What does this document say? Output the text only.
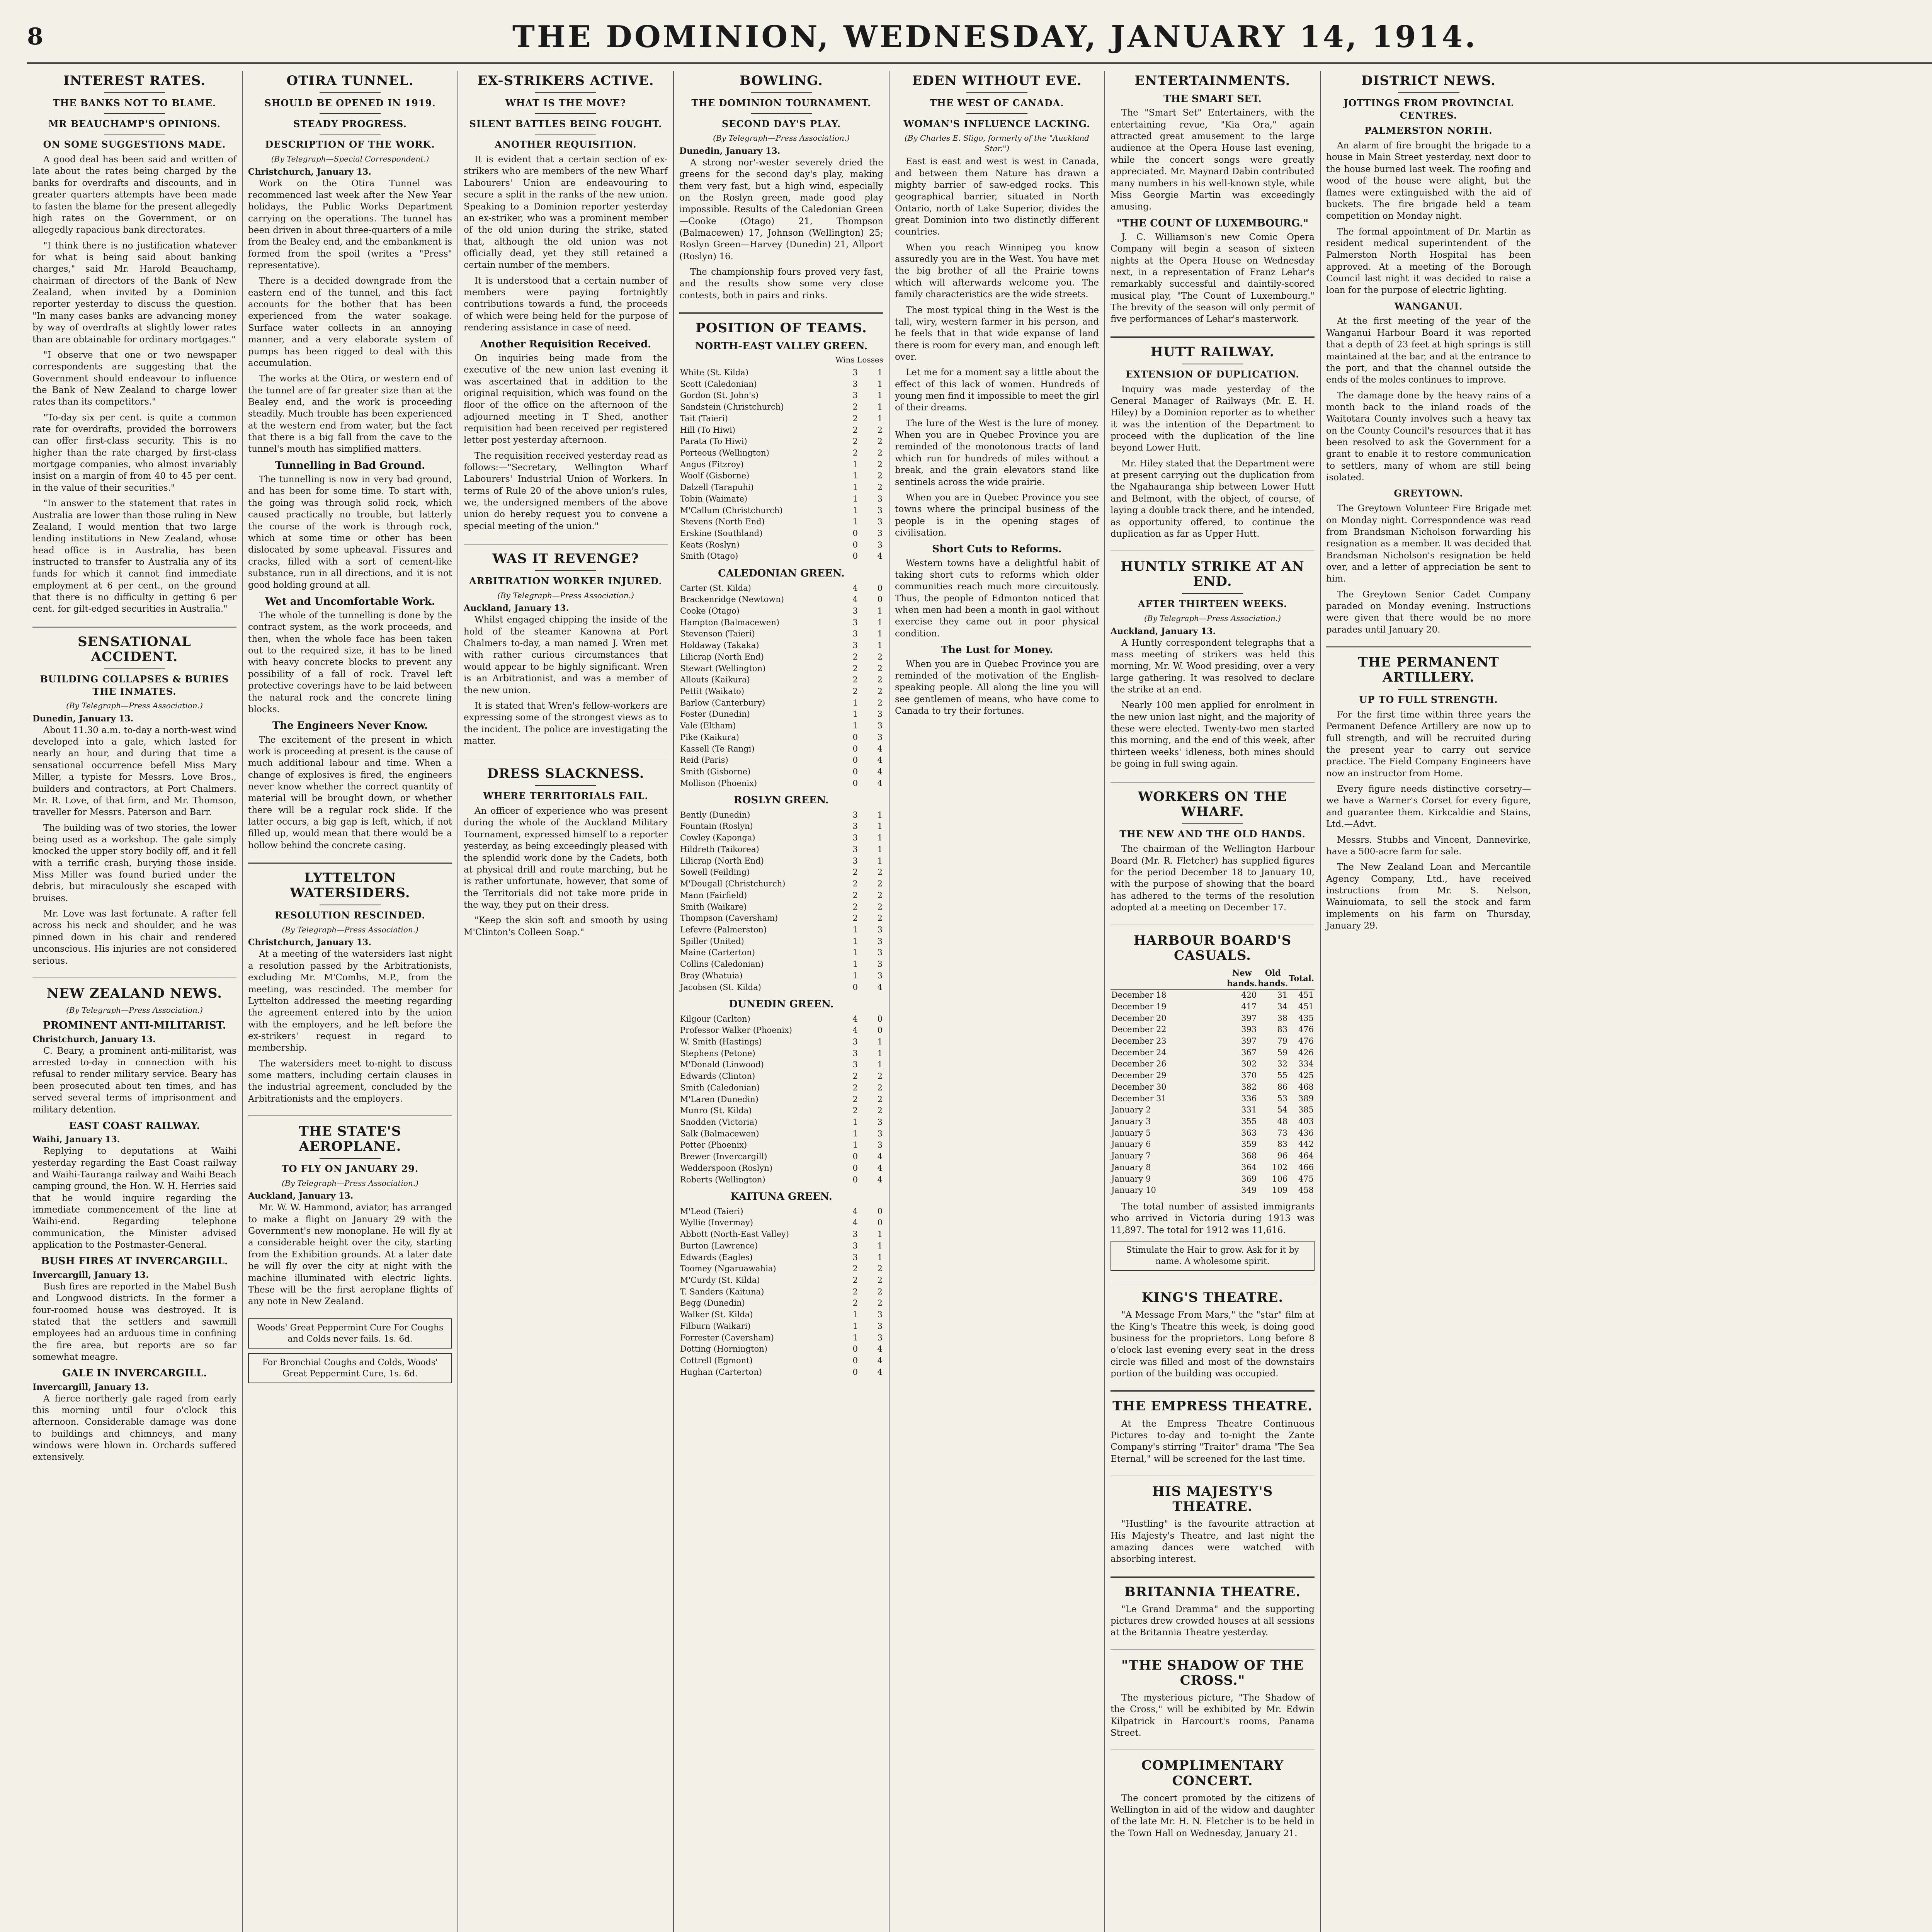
8	THE DOMINION, WEDNESDAY, JANUARY 14, 1914.
INTEREST RATES.
THE BANKS NOT TO BLAME.
MR BEAUCHAMP'S OPINIONS.
ON SOME SUGGESTIONS MADE.

A good deal has been said and written of late about the rates being charged by the banks for overdrafts and discounts, and in greater quarters attempts have been made to fasten the blame for the present allegedly high rates on the Government, or on allegedly rapacious bank directorates.

"I think there is no justification whatever for what is being said about banking charges," said Mr. Harold Beauchamp, chairman of directors of the Bank of New Zealand, when invited by a Dominion reporter yesterday to discuss the question. "In many cases banks are advancing money by way of overdrafts at slightly lower rates than are obtainable for ordinary mortgages."

"I observe that one or two newspaper correspondents are suggesting that the Government should endeavour to influence the Bank of New Zealand to charge lower rates than its competitors."

"To-day six per cent. is quite a common rate for overdrafts, provided the borrowers can offer first-class security. This is no higher than the rate charged by first-class mortgage companies, who almost invariably insist on a margin of from 40 to 45 per cent. in the value of their securities."

"In answer to the statement that rates in Australia are lower than those ruling in New Zealand, I would mention that two large lending institutions in New Zealand, whose head office is in Australia, has been instructed to transfer to Australia any of its funds for which it cannot find immediate employment at 6 per cent., on the ground that there is no difficulty in getting 6 per cent. for gilt-edged securities in Australia."

SENSATIONAL ACCIDENT.
BUILDING COLLAPSES & BURIES THE INMATES.
(By Telegraph—Press Association.)
Dunedin, January 13.

About 11.30 a.m. to-day a north-west wind developed into a gale, which lasted for nearly an hour, and during that time a sensational occurrence befell Miss Mary Miller, a typiste for Messrs. Love Bros., builders and contractors, at Port Chalmers. Mr. R. Love, of that firm, and Mr. Thomson, traveller for Messrs. Paterson and Barr.

The building was of two stories, the lower being used as a workshop. The gale simply knocked the upper story bodily off, and it fell with a terrific crash, burying those inside. Miss Miller was found buried under the debris, but miraculously she escaped with bruises.

Mr. Love was last fortunate. A rafter fell across his neck and shoulder, and he was pinned down in his chair and rendered unconscious. His injuries are not considered serious.

NEW ZEALAND NEWS.
(By Telegraph—Press Association.)
PROMINENT ANTI-MILITARIST.
Christchurch, January 13.

C. Beary, a prominent anti-militarist, was arrested to-day in connection with his refusal to render military service. Beary has been prosecuted about ten times, and has served several terms of imprisonment and military detention.

EAST COAST RAILWAY.
Waihi, January 13.

Replying to deputations at Waihi yesterday regarding the East Coast railway and Waihi-Tauranga railway and Waihi Beach camping ground, the Hon. W. H. Herries said that he would inquire regarding the immediate commencement of the line at Waihi-end. Regarding telephone communication, the Minister advised application to the Postmaster-General.

BUSH FIRES AT INVERCARGILL.
Invercargill, January 13.

Bush fires are reported in the Mabel Bush and Longwood districts. In the former a four-roomed house was destroyed. It is stated that the settlers and sawmill employees had an arduous time in confining the fire area, but reports are so far somewhat meagre.

GALE IN INVERCARGILL.
Invercargill, January 13.

A fierce northerly gale raged from early this morning until four o'clock this afternoon. Considerable damage was done to buildings and chimneys, and many windows were blown in. Orchards suffered extensively.

OTIRA TUNNEL.
SHOULD BE OPENED IN 1919.
STEADY PROGRESS.
DESCRIPTION OF THE WORK.
(By Telegraph—Special Correspondent.)
Christchurch, January 13.

Work on the Otira Tunnel was recommenced last week after the New Year holidays, the Public Works Department carrying on the operations. The tunnel has been driven in about three-quarters of a mile from the Bealey end, and the embankment is formed from the spoil (writes a "Press" representative).

There is a decided downgrade from the eastern end of the tunnel, and this fact accounts for the bother that has been experienced from the water soakage. Surface water collects in an annoying manner, and a very elaborate system of pumps has been rigged to deal with this accumulation.

The works at the Otira, or western end of the tunnel are of far greater size than at the Bealey end, and the work is proceeding steadily. Much trouble has been experienced at the western end from water, but the fact that there is a big fall from the cave to the tunnel's mouth has simplified matters.

Tunnelling in Bad Ground.

The tunnelling is now in very bad ground, and has been for some time. To start with, the going was through solid rock, which caused practically no trouble, but latterly the course of the work is through rock, which at some time or other has been dislocated by some upheaval. Fissures and cracks, filled with a sort of cement-like substance, run in all directions, and it is not good holding ground at all.

Wet and Uncomfortable Work.

The whole of the tunnelling is done by the contract system, as the work proceeds, and then, when the whole face has been taken out to the required size, it has to be lined with heavy concrete blocks to prevent any possibility of a fall of rock. Travel left protective coverings have to be laid between the natural rock and the concrete lining blocks.

The Engineers Never Know.

The excitement of the present in which work is proceeding at present is the cause of much additional labour and time. When a change of explosives is fired, the engineers never know whether the correct quantity of material will be brought down, or whether there will be a regular rock slide. If the latter occurs, a big gap is left, which, if not filled up, would mean that there would be a hollow behind the concrete casing.

LYTTELTON WATERSIDERS.
RESOLUTION RESCINDED.
(By Telegraph—Press Association.)
Christchurch, January 13.

At a meeting of the watersiders last night a resolution passed by the Arbitrationists, excluding Mr. M'Combs, M.P., from the meeting, was rescinded. The member for Lyttelton addressed the meeting regarding the agreement entered into by the union with the employers, and he left before the ex-strikers' request in regard to membership.

The watersiders meet to-night to discuss some matters, including certain clauses in the industrial agreement, concluded by the Arbitrationists and the employers.

THE STATE'S AEROPLANE.
TO FLY ON JANUARY 29.
(By Telegraph—Press Association.)
Auckland, January 13.

Mr. W. W. Hammond, aviator, has arranged to make a flight on January 29 with the Government's new monoplane. He will fly at a considerable height over the city, starting from the Exhibition grounds. At a later date he will fly over the city at night with the machine illuminated with electric lights. These will be the first aeroplane flights of any note in New Zealand.

Woods' Great Peppermint Cure For Coughs and Colds never fails. 1s. 6d.
For Bronchial Coughs and Colds, Woods' Great Peppermint Cure, 1s. 6d.
EX-STRIKERS ACTIVE.
WHAT IS THE MOVE?
SILENT BATTLES BEING FOUGHT.
ANOTHER REQUISITION.

It is evident that a certain section of ex-strikers who are members of the new Wharf Labourers' Union are endeavouring to secure a split in the ranks of the new union. Speaking to a Dominion reporter yesterday an ex-striker, who was a prominent member of the old union during the strike, stated that, although the old union was not officially dead, yet they still retained a certain number of the members.

It is understood that a certain number of members were paying fortnightly contributions towards a fund, the proceeds of which were being held for the purpose of rendering assistance in case of need.

Another Requisition Received.

On inquiries being made from the executive of the new union last evening it was ascertained that in addition to the original requisition, which was found on the floor of the office on the afternoon of the adjourned meeting in T Shed, another requisition had been received per registered letter post yesterday afternoon.

The requisition received yesterday read as follows:—"Secretary, Wellington Wharf Labourers' Industrial Union of Workers. In terms of Rule 20 of the above union's rules, we, the undersigned members of the above union do hereby request you to convene a special meeting of the union."

WAS IT REVENGE?
ARBITRATION WORKER INJURED.
(By Telegraph—Press Association.)
Auckland, January 13.

Whilst engaged chipping the inside of the hold of the steamer Kanowna at Port Chalmers to-day, a man named J. Wren met with rather curious circumstances that would appear to be highly significant. Wren is an Arbitrationist, and was a member of the new union.

It is stated that Wren's fellow-workers are expressing some of the strongest views as to the incident. The police are investigating the matter.

DRESS SLACKNESS.
WHERE TERRITORIALS FAIL.

An officer of experience who was present during the whole of the Auckland Military Tournament, expressed himself to a reporter yesterday, as being exceedingly pleased with the splendid work done by the Cadets, both at physical drill and route marching, but he is rather unfortunate, however, that some of the Territorials did not take more pride in the way, they put on their dress.

"Keep the skin soft and smooth by using M'Clinton's Colleen Soap."

BOWLING.
THE DOMINION TOURNAMENT.
SECOND DAY'S PLAY.
(By Telegraph—Press Association.)
Dunedin, January 13.

A strong nor'-wester severely dried the greens for the second day's play, making them very fast, but a high wind, especially on the Roslyn green, made good play impossible. Results of the Caledonian Green—Cooke (Otago) 21, Thompson (Balmacewen) 17, Johnson (Wellington) 25; Roslyn Green—Harvey (Dunedin) 21, Allport (Roslyn) 16.

The championship fours proved very fast, and the results show some very close contests, both in pairs and rinks.

POSITION OF TEAMS.
NORTH-EAST VALLEY GREEN.
Wins Losses
White (St. Kilda)	3	1
Scott (Caledonian)	3	1
Gordon (St. John's)	3	1
Sandstein (Christchurch)	2	1
Tait (Taieri)	2	1
Hill (To Hiwi)	2	2
Parata (To Hiwi)	2	2
Porteous (Wellington)	2	2
Angus (Fitzroy)	1	2
Woolf (Gisborne)	1	2
Dalzell (Tarapuhi)	1	2
Tobin (Waimate)	1	3
M'Callum (Christchurch)	1	3
Stevens (North End)	1	3
Erskine (Southland)	0	3
Keats (Roslyn)	0	3
Smith (Otago)	0	4
CALEDONIAN GREEN.
Carter (St. Kilda)	4	0
Brackenridge (Newtown)	4	0
Cooke (Otago)	3	1
Hampton (Balmacewen)	3	1
Stevenson (Taieri)	3	1
Holdaway (Takaka)	3	1
Lilicrap (North End)	2	2
Stewart (Wellington)	2	2
Allouts (Kaikura)	2	2
Pettit (Waikato)	2	2
Barlow (Canterbury)	1	2
Foster (Dunedin)	1	3
Vale (Eltham)	1	3
Pike (Kaikura)	0	3
Kassell (Te Rangi)	0	4
Reid (Paris)	0	4
Smith (Gisborne)	0	4
Mollison (Phoenix)	0	4
ROSLYN GREEN.
Bently (Dunedin)	3	1
Fountain (Roslyn)	3	1
Cowley (Kaponga)	3	1
Hildreth (Taikorea)	3	1
Lilicrap (North End)	3	1
Sowell (Feilding)	2	2
M'Dougall (Christchurch)	2	2
Mann (Fairfield)	2	2
Smith (Waikare)	2	2
Thompson (Caversham)	2	2
Lefevre (Palmerston)	1	3
Spiller (United)	1	3
Maine (Carterton)	1	3
Collins (Caledonian)	1	3
Bray (Whatuia)	1	3
Jacobsen (St. Kilda)	0	4
DUNEDIN GREEN.
Kilgour (Carlton)	4	0
Professor Walker (Phoenix)	4	0
W. Smith (Hastings)	3	1
Stephens (Petone)	3	1
M'Donald (Linwood)	3	1
Edwards (Clinton)	2	2
Smith (Caledonian)	2	2
M'Laren (Dunedin)	2	2
Munro (St. Kilda)	2	2
Snodden (Victoria)	1	3
Salk (Balmacewen)	1	3
Potter (Phoenix)	1	3
Brewer (Invercargill)	0	4
Wedderspoon (Roslyn)	0	4
Roberts (Wellington)	0	4
KAITUNA GREEN.
M'Leod (Taieri)	4	0
Wyllie (Invermay)	4	0
Abbott (North-East Valley)	3	1
Burton (Lawrence)	3	1
Edwards (Eagles)	3	1
Toomey (Ngaruawahia)	2	2
M'Curdy (St. Kilda)	2	2
T. Sanders (Kaituna)	2	2
Begg (Dunedin)	2	2
Walker (St. Kilda)	1	3
Filburn (Waikari)	1	3
Forrester (Caversham)	1	3
Dotting (Hornington)	0	4
Cottrell (Egmont)	0	4
Hughan (Carterton)	0	4
EDEN WITHOUT EVE.
THE WEST OF CANADA.
WOMAN'S INFLUENCE LACKING.
(By Charles E. Sligo, formerly of the "Auckland Star.")

East is east and west is west in Canada, and between them Nature has drawn a mighty barrier of saw-edged rocks. This geographical barrier, situated in North Ontario, north of Lake Superior, divides the great Dominion into two distinctly different countries.

When you reach Winnipeg you know assuredly you are in the West. You have met the big brother of all the Prairie towns which will afterwards welcome you. The family characteristics are the wide streets.

The most typical thing in the West is the tall, wiry, western farmer in his person, and he feels that in that wide expanse of land there is room for every man, and enough left over.

Let me for a moment say a little about the effect of this lack of women. Hundreds of young men find it impossible to meet the girl of their dreams.

The lure of the West is the lure of money. When you are in Quebec Province you are reminded of the monotonous tracts of land which run for hundreds of miles without a break, and the grain elevators stand like sentinels across the wide prairie.

When you are in Quebec Province you see towns where the principal business of the people is in the opening stages of civilisation.

Short Cuts to Reforms.

Western towns have a delightful habit of taking short cuts to reforms which older communities reach much more circuitously. Thus, the people of Edmonton noticed that when men had been a month in gaol without exercise they came out in poor physical condition.

The Lust for Money.

When you are in Quebec Province you are reminded of the motivation of the English-speaking people. All along the line you will see gentlemen of means, who have come to Canada to try their fortunes.

ENTERTAINMENTS.
THE SMART SET.

The "Smart Set" Entertainers, with the entertaining revue, "Kia Ora," again attracted great amusement to the large audience at the Opera House last evening, while the concert songs were greatly appreciated. Mr. Maynard Dabin contributed many numbers in his well-known style, while Miss Georgie Martin was exceedingly amusing.

"THE COUNT OF LUXEMBOURG."

J. C. Williamson's new Comic Opera Company will begin a season of sixteen nights at the Opera House on Wednesday next, in a representation of Franz Lehar's remarkably successful and daintily-scored musical play, "The Count of Luxembourg." The brevity of the season will only permit of five performances of Lehar's masterwork.

HUTT RAILWAY.
EXTENSION OF DUPLICATION.

Inquiry was made yesterday of the General Manager of Railways (Mr. E. H. Hiley) by a Dominion reporter as to whether it was the intention of the Department to proceed with the duplication of the line beyond Lower Hutt.

Mr. Hiley stated that the Department were at present carrying out the duplication from the Ngahauranga ship between Lower Hutt and Belmont, with the object, of course, of laying a double track there, and he intended, as opportunity offered, to continue the duplication as far as Upper Hutt.

HUNTLY STRIKE AT AN END.
AFTER THIRTEEN WEEKS.
(By Telegraph—Press Association.)
Auckland, January 13.

A Huntly correspondent telegraphs that a mass meeting of strikers was held this morning, Mr. W. Wood presiding, over a very large gathering. It was resolved to declare the strike at an end.

Nearly 100 men applied for enrolment in the new union last night, and the majority of these were elected. Twenty-two men started this morning, and the end of this week, after thirteen weeks' idleness, both mines should be going in full swing again.

WORKERS ON THE WHARF.
THE NEW AND THE OLD HANDS.

The chairman of the Wellington Harbour Board (Mr. R. Fletcher) has supplied figures for the period December 18 to January 10, with the purpose of showing that the board has adhered to the terms of the resolution adopted at a meeting on December 17.

HARBOUR BOARD'S CASUALS.
	New hands.	Old hands.	Total.
December 18	420	31	451
December 19	417	34	451
December 20	397	38	435
December 22	393	83	476
December 23	397	79	476
December 24	367	59	426
December 26	302	32	334
December 29	370	55	425
December 30	382	86	468
December 31	336	53	389
January 2	331	54	385
January 3	355	48	403
January 5	363	73	436
January 6	359	83	442
January 7	368	96	464
January 8	364	102	466
January 9	369	106	475
January 10	349	109	458

The total number of assisted immigrants who arrived in Victoria during 1913 was 11,897. The total for 1912 was 11,616.

Stimulate the Hair to grow. Ask for it by name. A wholesome spirit.
KING'S THEATRE.

"A Message From Mars," the "star" film at the King's Theatre this week, is doing good business for the proprietors. Long before 8 o'clock last evening every seat in the dress circle was filled and most of the downstairs portion of the building was occupied.

THE EMPRESS THEATRE.

At the Empress Theatre Continuous Pictures to-day and to-night the Zante Company's stirring "Traitor" drama "The Sea Eternal," will be screened for the last time.

HIS MAJESTY'S THEATRE.

"Hustling" is the favourite attraction at His Majesty's Theatre, and last night the amazing dances were watched with absorbing interest.

BRITANNIA THEATRE.

"Le Grand Dramma" and the supporting pictures drew crowded houses at all sessions at the Britannia Theatre yesterday.

"THE SHADOW OF THE CROSS."

The mysterious picture, "The Shadow of the Cross," will be exhibited by Mr. Edwin Kilpatrick in Harcourt's rooms, Panama Street.

COMPLIMENTARY CONCERT.

The concert promoted by the citizens of Wellington in aid of the widow and daughter of the late Mr. H. N. Fletcher is to be held in the Town Hall on Wednesday, January 21.

DISTRICT NEWS.
JOTTINGS FROM PROVINCIAL CENTRES.
PALMERSTON NORTH.

An alarm of fire brought the brigade to a house in Main Street yesterday, next door to the house burned last week. The roofing and wood of the house were alight, but the flames were extinguished with the aid of buckets. The fire brigade held a team competition on Monday night.

The formal appointment of Dr. Martin as resident medical superintendent of the Palmerston North Hospital has been approved. At a meeting of the Borough Council last night it was decided to raise a loan for the purpose of electric lighting.

WANGANUI.

At the first meeting of the year of the Wanganui Harbour Board it was reported that a depth of 23 feet at high springs is still maintained at the bar, and at the entrance to the port, and that the channel outside the ends of the moles continues to improve.

The damage done by the heavy rains of a month back to the inland roads of the Waitotara County involves such a heavy tax on the County Council's resources that it has been resolved to ask the Government for a grant to enable it to restore communication to settlers, many of whom are still being isolated.

GREYTOWN.

The Greytown Volunteer Fire Brigade met on Monday night. Correspondence was read from Brandsman Nicholson forwarding his resignation as a member. It was decided that Brandsman Nicholson's resignation be held over, and a letter of appreciation be sent to him.

The Greytown Senior Cadet Company paraded on Monday evening. Instructions were given that there would be no more parades until January 20.

THE PERMANENT ARTILLERY.
UP TO FULL STRENGTH.

For the first time within three years the Permanent Defence Artillery are now up to full strength, and will be recruited during the present year to carry out service practice. The Field Company Engineers have now an instructor from Home.

Every figure needs distinctive corsetry—we have a Warner's Corset for every figure, and guarantee them. Kirkcaldie and Stains, Ltd.—Advt.

Messrs. Stubbs and Vincent, Dannevirke, have a 500-acre farm for sale.

The New Zealand Loan and Mercantile Agency Company, Ltd., have received instructions from Mr. S. Nelson, Wainuiomata, to sell the stock and farm implements on his farm on Thursday, January 29.
